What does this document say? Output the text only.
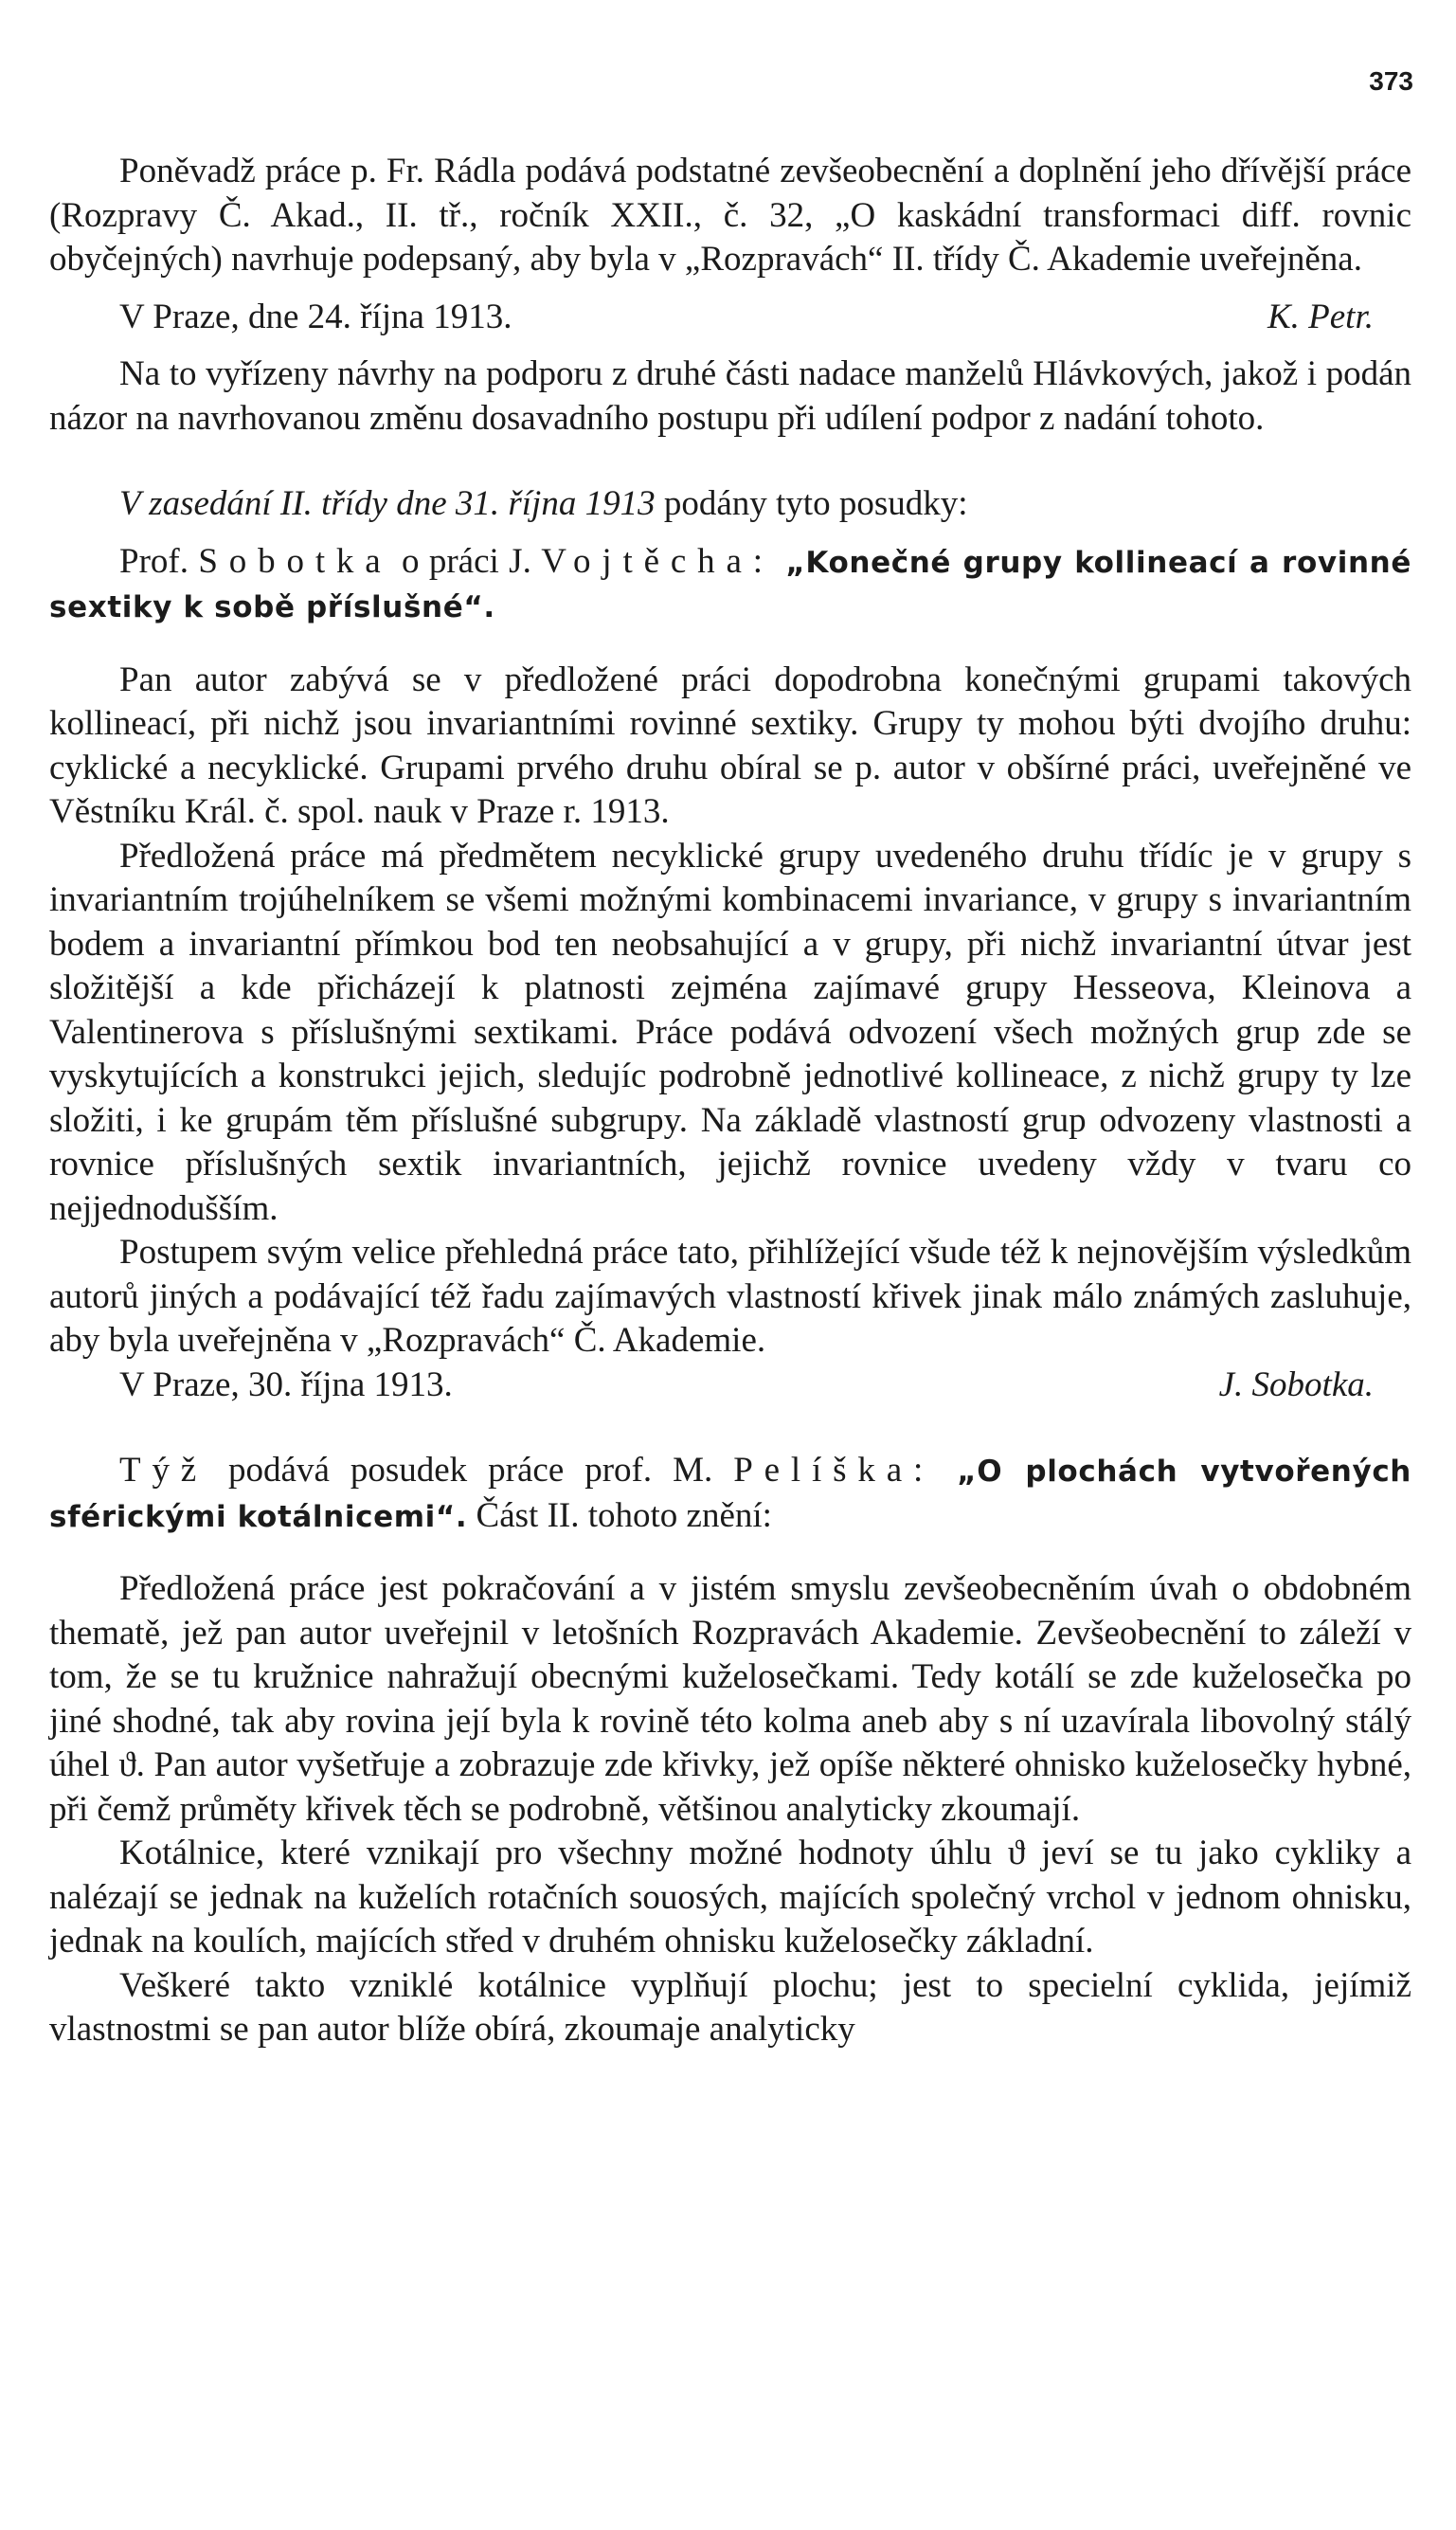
373

Poněvadž práce p. Fr. Rádla podává podstatné zevšeobecnění a doplnění jeho dřívější práce (Rozpravy Č. Akad., II. tř., ročník XXII., č. 32, „O kaskádní transformaci diff. rovnic obyčejných) navrhuje podepsaný, aby byla v „Rozpravách“ II. třídy Č. Akademie uveřejněna.

V Praze, dne 24. října 1913.	K. Petr.

Na to vyřízeny návrhy na podporu z druhé části nadace manželů Hlávkových, jakož i podán názor na navrhovanou změnu dosavadního postupu při udílení podpor z nadání tohoto.

V zasedání II. třídy dne 31. října 1913 podány tyto posudky:

Prof. Sobotka o práci J. Vojtěcha: „Konečné grupy kollineací a rovinné sextiky k sobě příslušné“.

Pan autor zabývá se v předložené práci dopodrobna konečnými grupami takových kollineací, při nichž jsou invariantními rovinné sextiky. Grupy ty mohou býti dvojího druhu: cyklické a necyklické. Grupami prvého druhu obíral se p. autor v obšírné práci, uveřejněné ve Věstníku Král. č. spol. nauk v Praze r. 1913.

Předložená práce má předmětem necyklické grupy uvedeného druhu třídíc je v grupy s invariantním trojúhelníkem se všemi možnými kombinacemi invariance, v grupy s invariantním bodem a invariantní přímkou bod ten neobsahující a v grupy, při nichž invariantní útvar jest složitější a kde přicházejí k platnosti zejména zajímavé grupy Hesseova, Kleinova a Valentinerova s příslušnými sextikami. Práce podává odvození všech možných grup zde se vyskytujících a konstrukci jejich, sledujíc podrobně jednotlivé kollineace, z nichž grupy ty lze složiti, i ke grupám těm příslušné subgrupy. Na základě vlastností grup odvozeny vlastnosti a rovnice příslušných sextik invariantních, jejichž rovnice uvedeny vždy v tvaru co nejjednodušším.

Postupem svým velice přehledná práce tato, přihlížející všude též k nejnovějším výsledkům autorů jiných a podávající též řadu zajímavých vlastností křivek jinak málo známých zasluhuje, aby byla uveřejněna v „Rozpravách“ Č. Akademie.

V Praze, 30. října 1913.	J. Sobotka.

Týž podává posudek práce prof. M. Pelíška: „O plochách vytvořených sférickými kotálnicemi“. Část II. tohoto znění:

Předložená práce jest pokračování a v jistém smyslu zevšeobecněním úvah o obdobném thematě, jež pan autor uveřejnil v letošních Rozpravách Akademie. Zevšeobecnění to záleží v tom, že se tu kružnice nahražují obecnými kuželosečkami. Tedy kotálí se zde kuželosečka po jiné shodné, tak aby rovina její byla k rovině této kolma aneb aby s ní uzavírala libovolný stálý úhel ϑ. Pan autor vyšetřuje a zobrazuje zde křivky, jež opíše některé ohnisko kuželosečky hybné, při čemž průměty křivek těch se podrobně, většinou analyticky zkoumají.

Kotálnice, které vznikají pro všechny možné hodnoty úhlu ϑ jeví se tu jako cykliky a nalézají se jednak na kuželích rotačních souosých, majících společný vrchol v jednom ohnisku, jednak na koulích, majících střed v druhém ohnisku kuželosečky základní.

Veškeré takto vzniklé kotálnice vyplňují plochu; jest to specielní cyklida, jejímiž vlastnostmi se pan autor blíže obírá, zkoumaje analyticky
